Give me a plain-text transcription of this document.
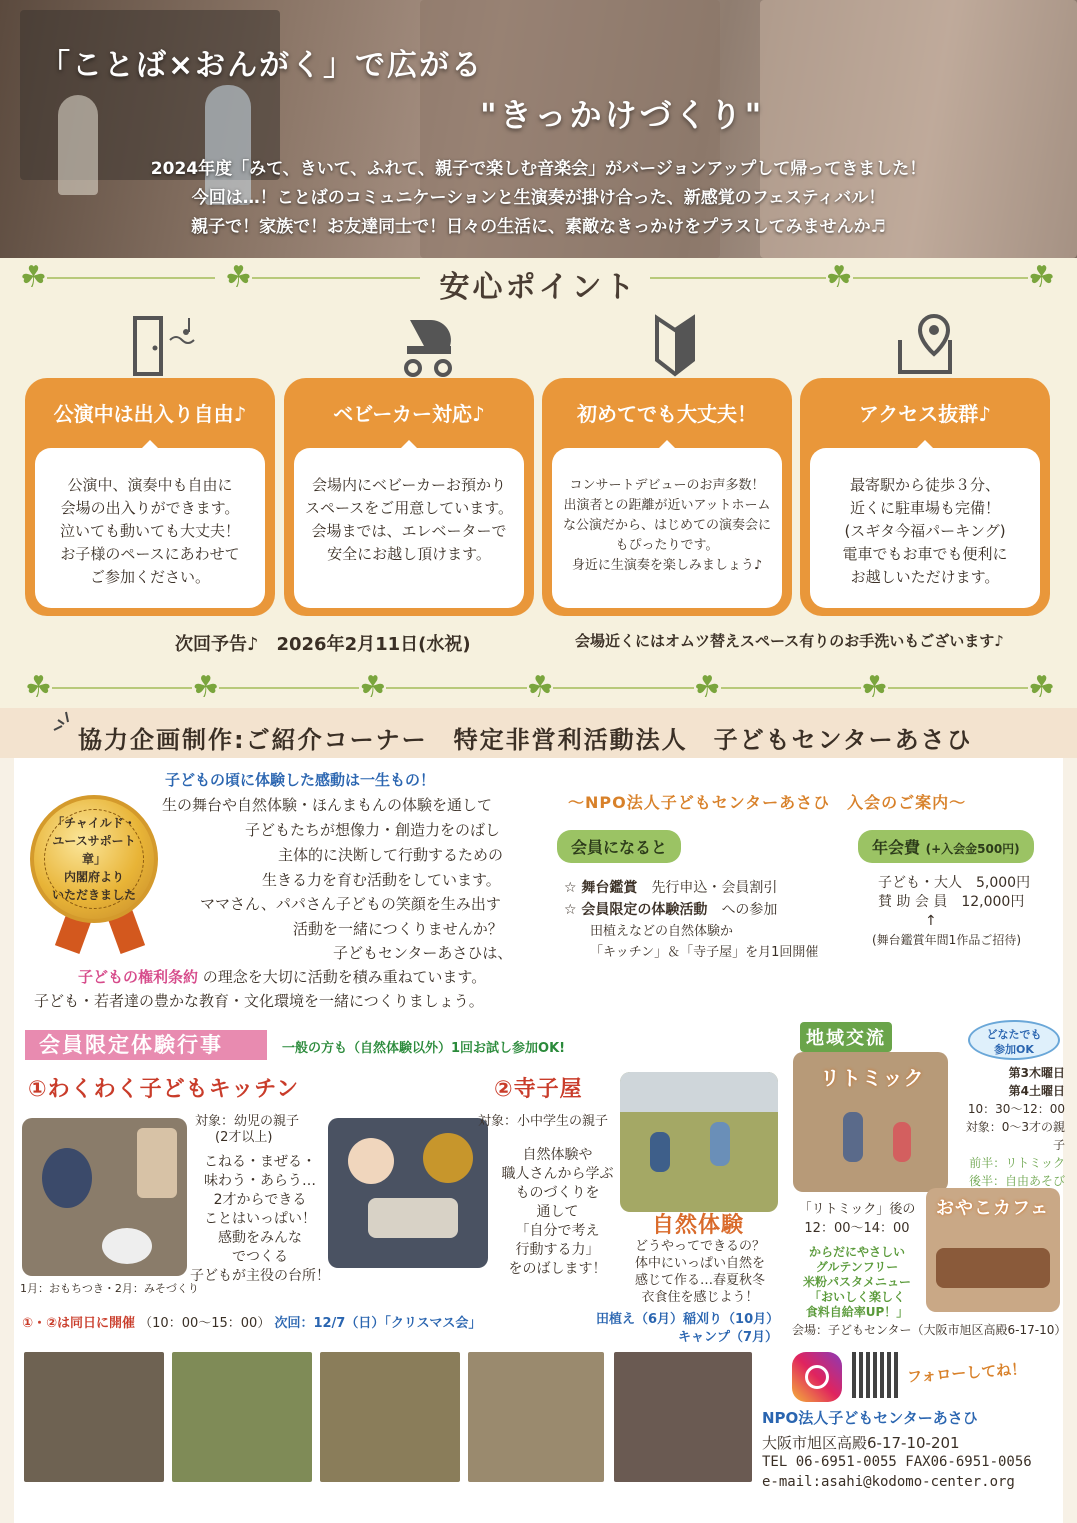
「ことば×おんがく」で広がる
"きっかけづくり"
2024年度「みて、きいて、ふれて、親子で楽しむ音楽会」がバージョンアップして帰ってきました！
今回は…！ことばのコミュニケーションと生演奏が掛け合った、新感覚のフェスティバル！
親子で！家族で！お友達同士で！日々の生活に、素敵なきっかけをプラスしてみませんか♬
☘	☘	☘	☘
安心ポイント
公演中は出入り自由♪
公演中、演奏中も自由に
会場の出入りができます。
泣いても動いても大丈夫！
お子様のペースにあわせて
ご参加ください。
ベビーカー対応♪
会場内にベビーカーお預かり
スペースをご用意しています。
会場までは、エレベーターで
安全にお越し頂けます。
初めてでも大丈夫！
コンサートデビューのお声多数！
出演者との距離が近いアットホーム
な公演だから、はじめての演奏会に
もぴったりです。
身近に生演奏を楽しみましょう♪
アクセス抜群♪
最寄駅から徒歩３分、
近くに駐車場も完備！
(スギタ今福パーキング)
電車でもお車でも便利に
お越しいただけます。
次回予告♪　2026年2月11日(水祝)	会場近くにはオムツ替えスペース有りのお手洗いもございます♪
☘	☘	☘	☘	☘	☘	☘
協力企画制作:ご紹介コーナー　特定非営利活動法人　子どもセンターあさひ
「チャイルド・
ユースサポート章」
内閣府より
いただきました
子どもの頃に体験した感動は一生もの！
生の舞台や自然体験・ほんまもんの体験を通して
子どもたちが想像力・創造力をのばし
主体的に決断して行動するための
生きる力を育む活動をしています。
ママさん、パパさん子どもの笑顔を生み出す
活動を一緒につくりませんか？
子どもセンターあさひは、
子どもの権利条約 の理念を大切に活動を積み重ねています。
子ども・若者達の豊かな教育・文化環境を一緒につくりましょう。
～NPO法人子どもセンターあさひ　入会のご案内～
会員になると	年会費 (+入会金500円)
☆ 舞台鑑賞　 先行申込・会員割引
☆ 会員限定の体験活動　 への参加
田植えなどの自然体験か
「キッチン」＆「寺子屋」を月1回開催
子ども・大人　5,000円
賛 助 会 員　12,000円
↑
(舞台鑑賞年間1作品ご招待)
会員限定体験行事	一般の方も（自然体験以外）1回お試し参加OK!
①わくわく子どもキッチン
対象：幼児の親子
(2才以上)
こねる・まぜる・
味わう・あらう…
2才からできる
ことはいっぱい！
感動をみんな
でつくる
子どもが主役の台所！
1月：おもちつき・2月：みそづくり
②寺子屋
対象：小中学生の親子
自然体験や
職人さんから学ぶ
ものづくりを
通して
「自分で考え
行動する力」
をのばします！
自然体験
どうやってできるの？
体中にいっぱい自然を
感じて作る…春夏秋冬
衣食住を感じよう！
田植え（6月）稲刈り（10月）
キャンプ（7月）
①・②は同日に開催 （10：00～15：00） 次回：12/7（日）「クリスマス会」
地域交流	どなたでも
参加OK
リトミック	第3木曜日
第4土曜日
10：30～12：00
対象：0～3才の親子
前半：リトミック
後半：自由あそび
「リトミック」後の
12：00～14：00
からだにやさしい
グルテンフリー
米粉パスタメニュー
「おいしく楽しく
食料自給率UP！」
おやこカフェ
会場：子どもセンター（大阪市旭区高殿6-17-10）
フォローしてね！
NPO法人子どもセンターあさひ
大阪市旭区高殿6-17-10-201
TEL 06-6951-0055 FAX06-6951-0056
e-mail:asahi@kodomo-center.org
